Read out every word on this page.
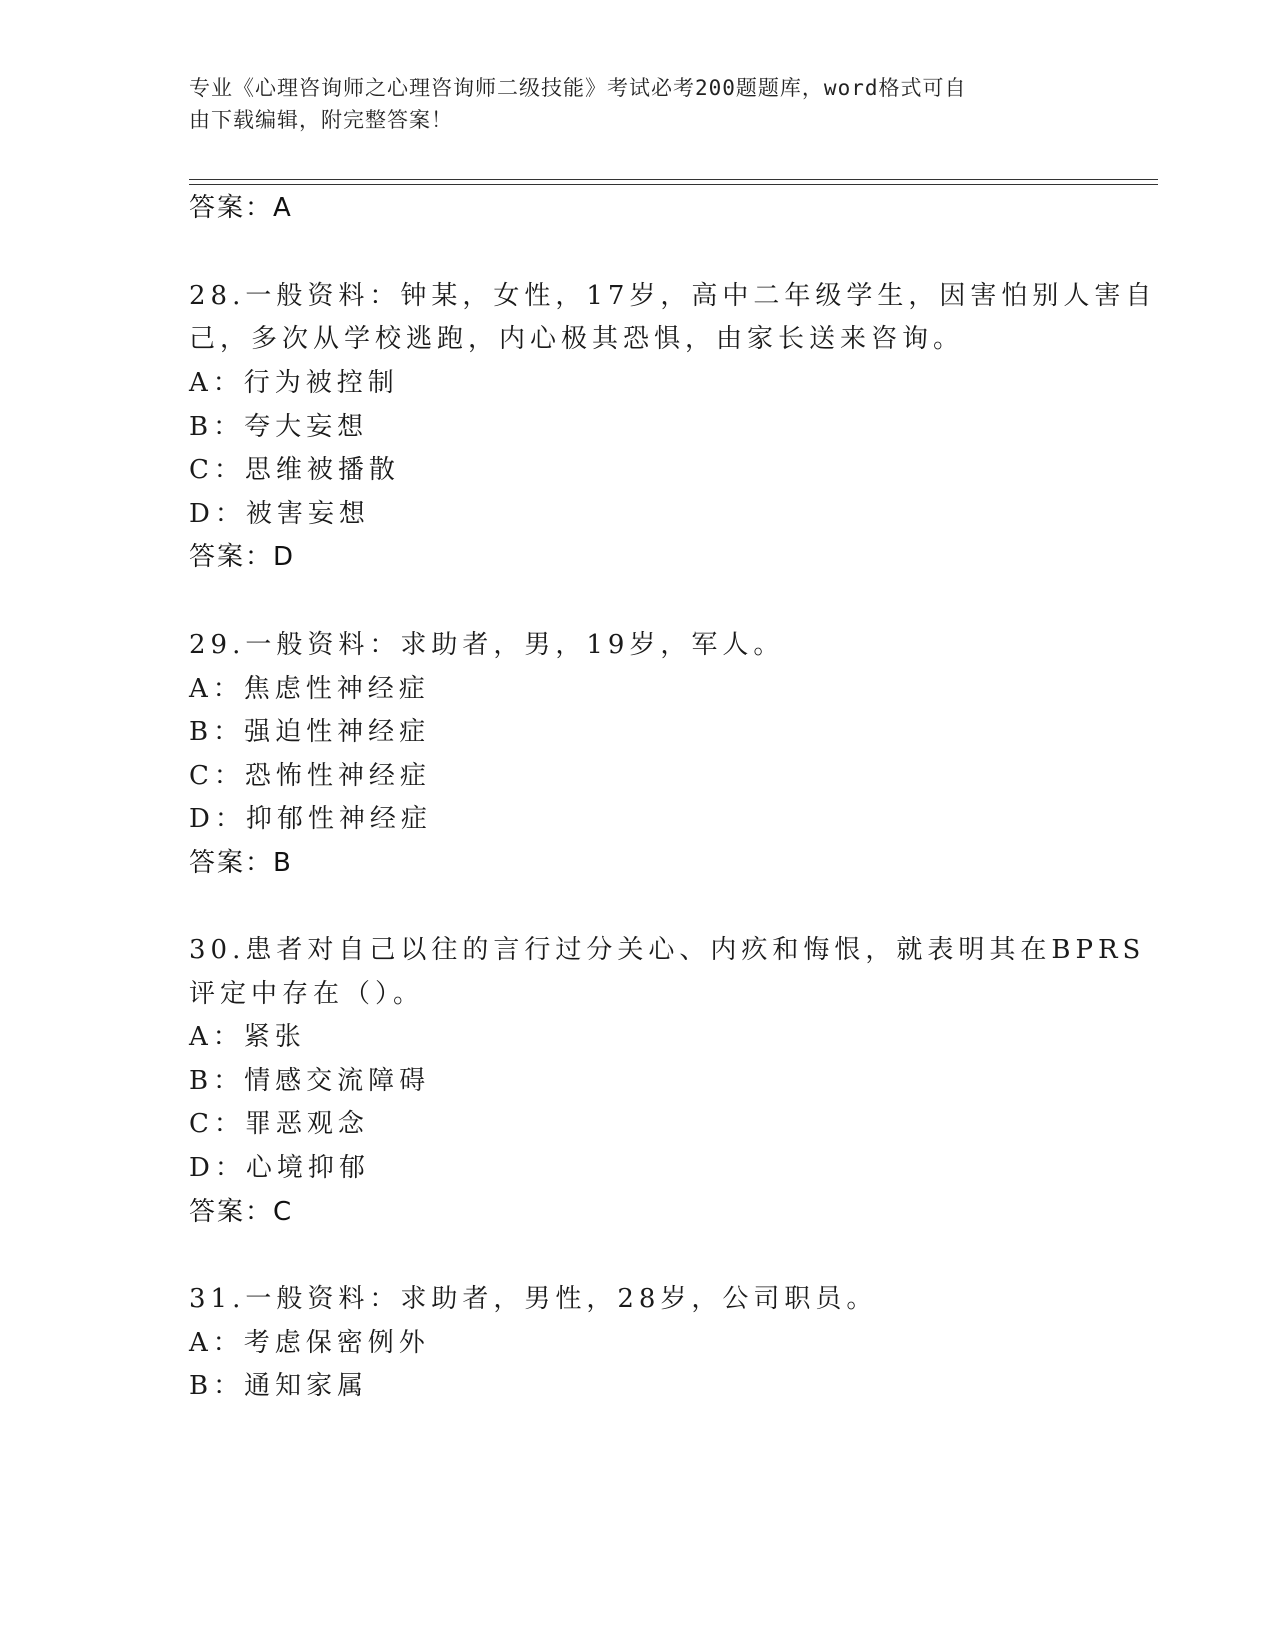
专业《心理咨询师之心理咨询师二级技能》考试必考200题题库，word格式可自
由下载编辑，附完整答案！
答案：A
28.一般资料：钟某，女性，17岁，高中二年级学生，因害怕别人害自
己，多次从学校逃跑，内心极其恐惧，由家长送来咨询。
A：行为被控制
B：夸大妄想
C：思维被播散
D：被害妄想
答案：D
29.一般资料：求助者，男，19岁，军人。
A：焦虑性神经症
B：强迫性神经症
C：恐怖性神经症
D：抑郁性神经症
答案：B
30.患者对自己以往的言行过分关心、内疚和悔恨，就表明其在BPRS
评定中存在（）。
A：紧张
B：情感交流障碍
C：罪恶观念
D：心境抑郁
答案：C
31.一般资料：求助者，男性，28岁，公司职员。
A：考虑保密例外
B：通知家属
